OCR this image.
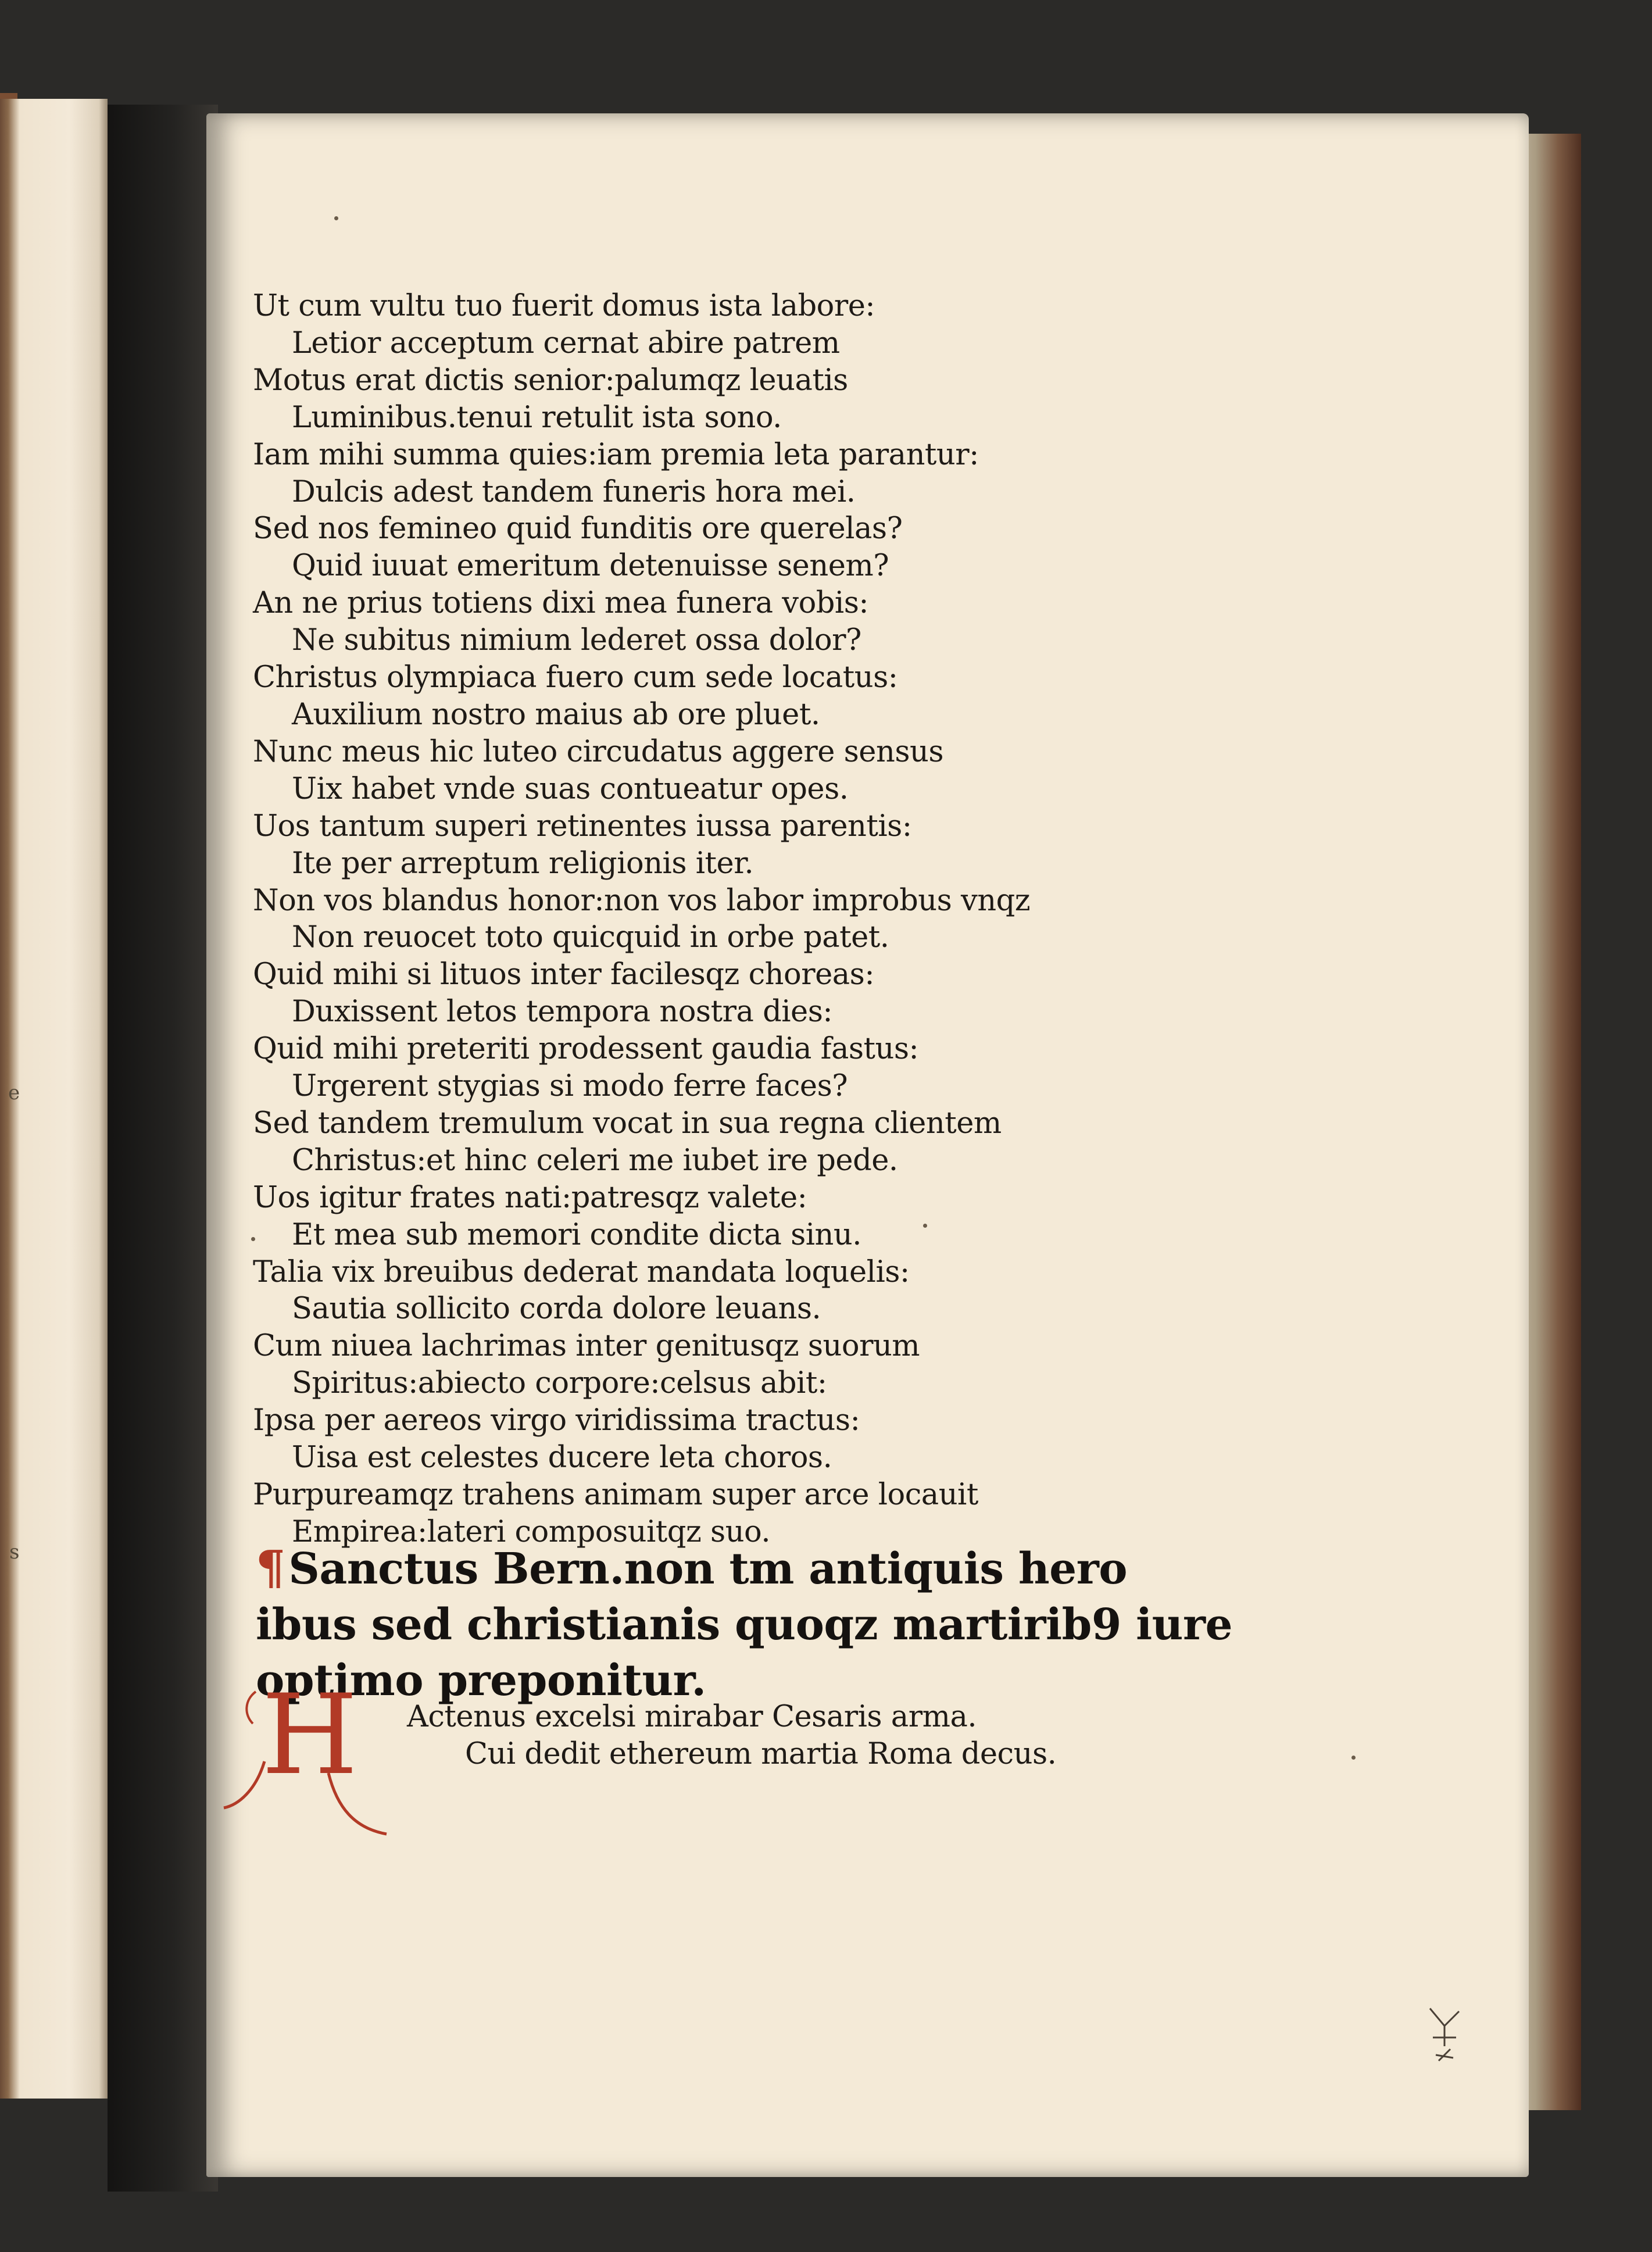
e
s
Ut cum vultu tuo fuerit domus ista labore:
Letior acceptum cernat abire patrem
Motus erat dictis senior:palumqz leuatis
Luminibus.tenui retulit ista sono.
Iam mihi summa quies:iam premia leta parantur:
Dulcis adest tandem funeris hora mei.
Sed nos femineo quid funditis ore querelas?
Quid iuuat emeritum detenuisse senem?
An ne prius totiens dixi mea funera vobis:
Ne subitus nimium lederet ossa dolor?
Christus olympiaca fuero cum sede locatus:
Auxilium nostro maius ab ore pluet.
Nunc meus hic luteo circudatus aggere sensus
Uix habet vnde suas contueatur opes.
Uos tantum superi retinentes iussa parentis:
Ite per arreptum religionis iter.
Non vos blandus honor:non vos labor improbus vnqz
Non reuocet toto quicquid in orbe patet.
Quid mihi si lituos inter facilesqz choreas:
Duxissent letos tempora nostra dies:
Quid mihi preteriti prodessent gaudia fastus:
Urgerent stygias si modo ferre faces?
Sed tandem tremulum vocat in sua regna clientem
Christus:et hinc celeri me iubet ire pede.
Uos igitur frates nati:patresqz valete:
Et mea sub memori condite dicta sinu.
Talia vix breuibus dederat mandata loquelis:
Sautia sollicito corda dolore leuans.
Cum niuea lachrimas inter genitusqz suorum
Spiritus:abiecto corpore:celsus abit:
Ipsa per aereos virgo viridissima tractus:
Uisa est celestes ducere leta choros.
Purpureamqz trahens animam super arce locauit
Empirea:lateri composuitqz suo.
¶Sanctus Bern.non tm antiquis hero
ibus sed christianis quoqz martirib9 iure
optimo preponitur.
H Actenus excelsi mirabar Cesaris arma.
Cui dedit ethereum martia Roma decus.
